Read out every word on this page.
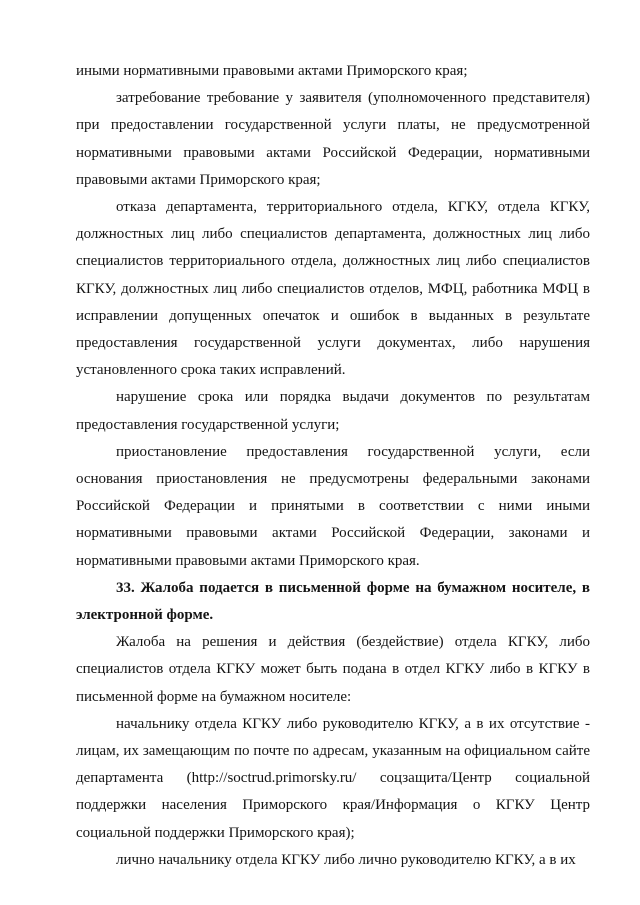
иными нормативными правовыми актами Приморского края;

затребование требование у заявителя (уполномоченного представителя) при предоставлении государственной услуги платы, не предусмотренной нормативными правовыми актами Российской Федерации, нормативными правовыми актами Приморского края;

отказа департамента, территориального отдела, КГКУ, отдела КГКУ, должностных лиц либо специалистов департамента, должностных лиц либо специалистов территориального отдела, должностных лиц либо специалистов КГКУ, должностных лиц либо специалистов отделов, МФЦ, работника МФЦ в исправлении допущенных опечаток и ошибок в выданных в результате предоставления государственной услуги документах, либо нарушения установленного срока таких исправлений.

нарушение срока или порядка выдачи документов по результатам предоставления государственной услуги;

приостановление предоставления государственной услуги, если основания приостановления не предусмотрены федеральными законами Российской Федерации и принятыми в соответствии с ними иными нормативными правовыми актами Российской Федерации, законами и нормативными правовыми актами Приморского края.

33. Жалоба подается в письменной форме на бумажном носителе, в электронной форме.

Жалоба на решения и действия (бездействие) отдела КГКУ, либо специалистов отдела КГКУ может быть подана в отдел КГКУ либо в КГКУ в письменной форме на бумажном носителе:

начальнику отдела КГКУ либо руководителю КГКУ, а в их отсутствие - лицам, их замещающим по почте по адресам, указанным на официальном сайте департамента (http://soctrud.primorsky.ru/ соцзащита/Центр социальной поддержки населения Приморского края/Информация о КГКУ Центр социальной поддержки Приморского края);

лично начальнику отдела КГКУ либо лично руководителю КГКУ, а в их
